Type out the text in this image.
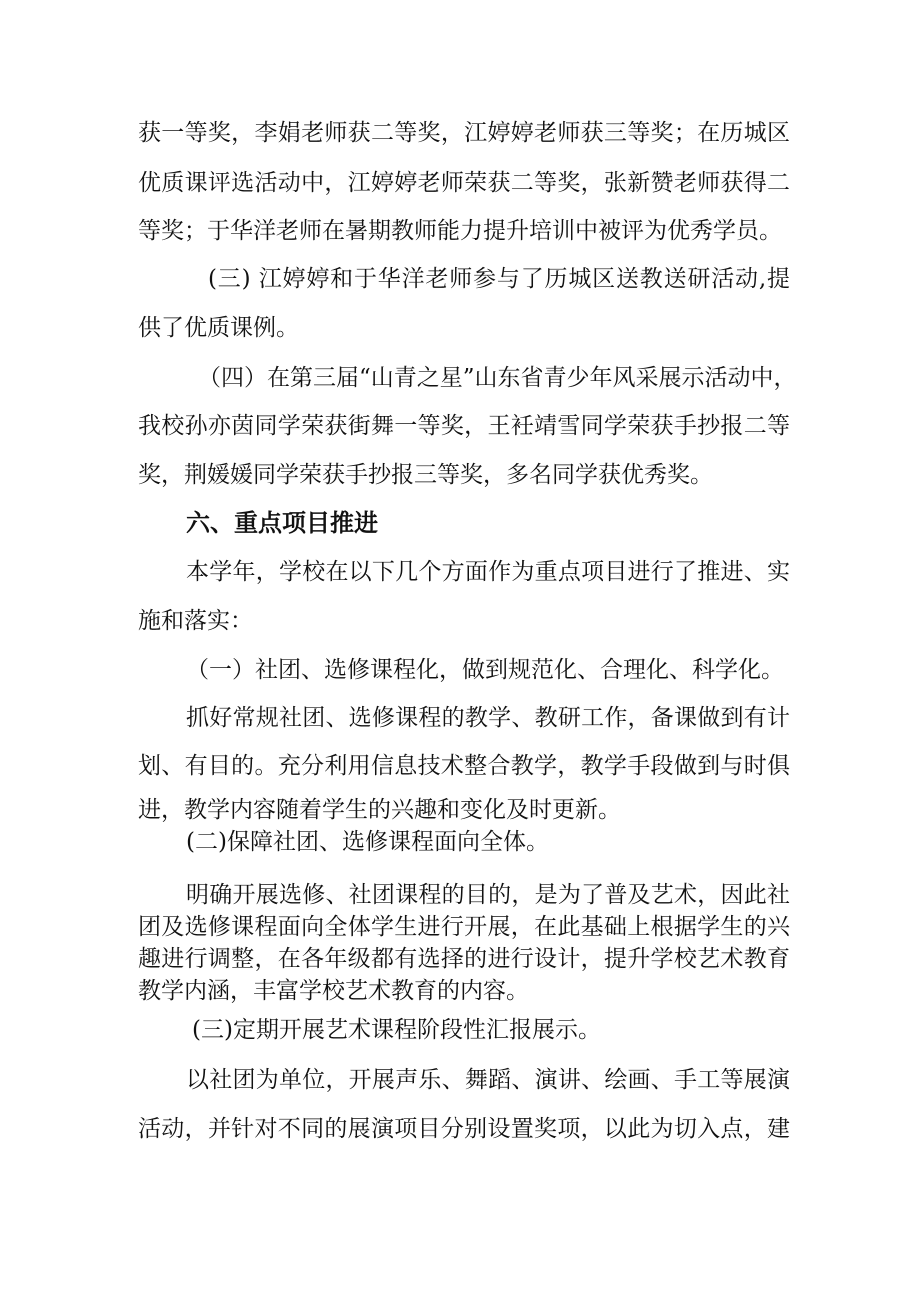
获一等奖，李娟老师获二等奖，江婷婷老师获三等奖；在历城区
优质课评选活动中，江婷婷老师荣获二等奖，张新赞老师获得二
等奖；于华洋老师在暑期教师能力提升培训中被评为优秀学员。
(三) 江婷婷和于华洋老师参与了历城区送教送研活动,提
供了优质课例。
（四）在第三届“山青之星”山东省青少年风采展示活动中，
我校孙亦茵同学荣获街舞一等奖，王衽靖雪同学荣获手抄报二等
奖，荆媛媛同学荣获手抄报三等奖，多名同学获优秀奖。
六、重点项目推进
本学年，学校在以下几个方面作为重点项目进行了推进、实
施和落实：
（一）社团、选修课程化，做到规范化、合理化、科学化。
抓好常规社团、选修课程的教学、教研工作，备课做到有计
划、有目的。充分利用信息技术整合教学，教学手段做到与时俱
进，教学内容随着学生的兴趣和变化及时更新。
(二)保障社团、选修课程面向全体。
明确开展选修、社团课程的目的，是为了普及艺术，因此社
团及选修课程面向全体学生进行开展，在此基础上根据学生的兴
趣进行调整，在各年级都有选择的进行设计，提升学校艺术教育
教学内涵，丰富学校艺术教育的内容。
(三)定期开展艺术课程阶段性汇报展示。
以社团为单位，开展声乐、舞蹈、演讲、绘画、手工等展演
活动，并针对不同的展演项目分别设置奖项，以此为切入点，建
